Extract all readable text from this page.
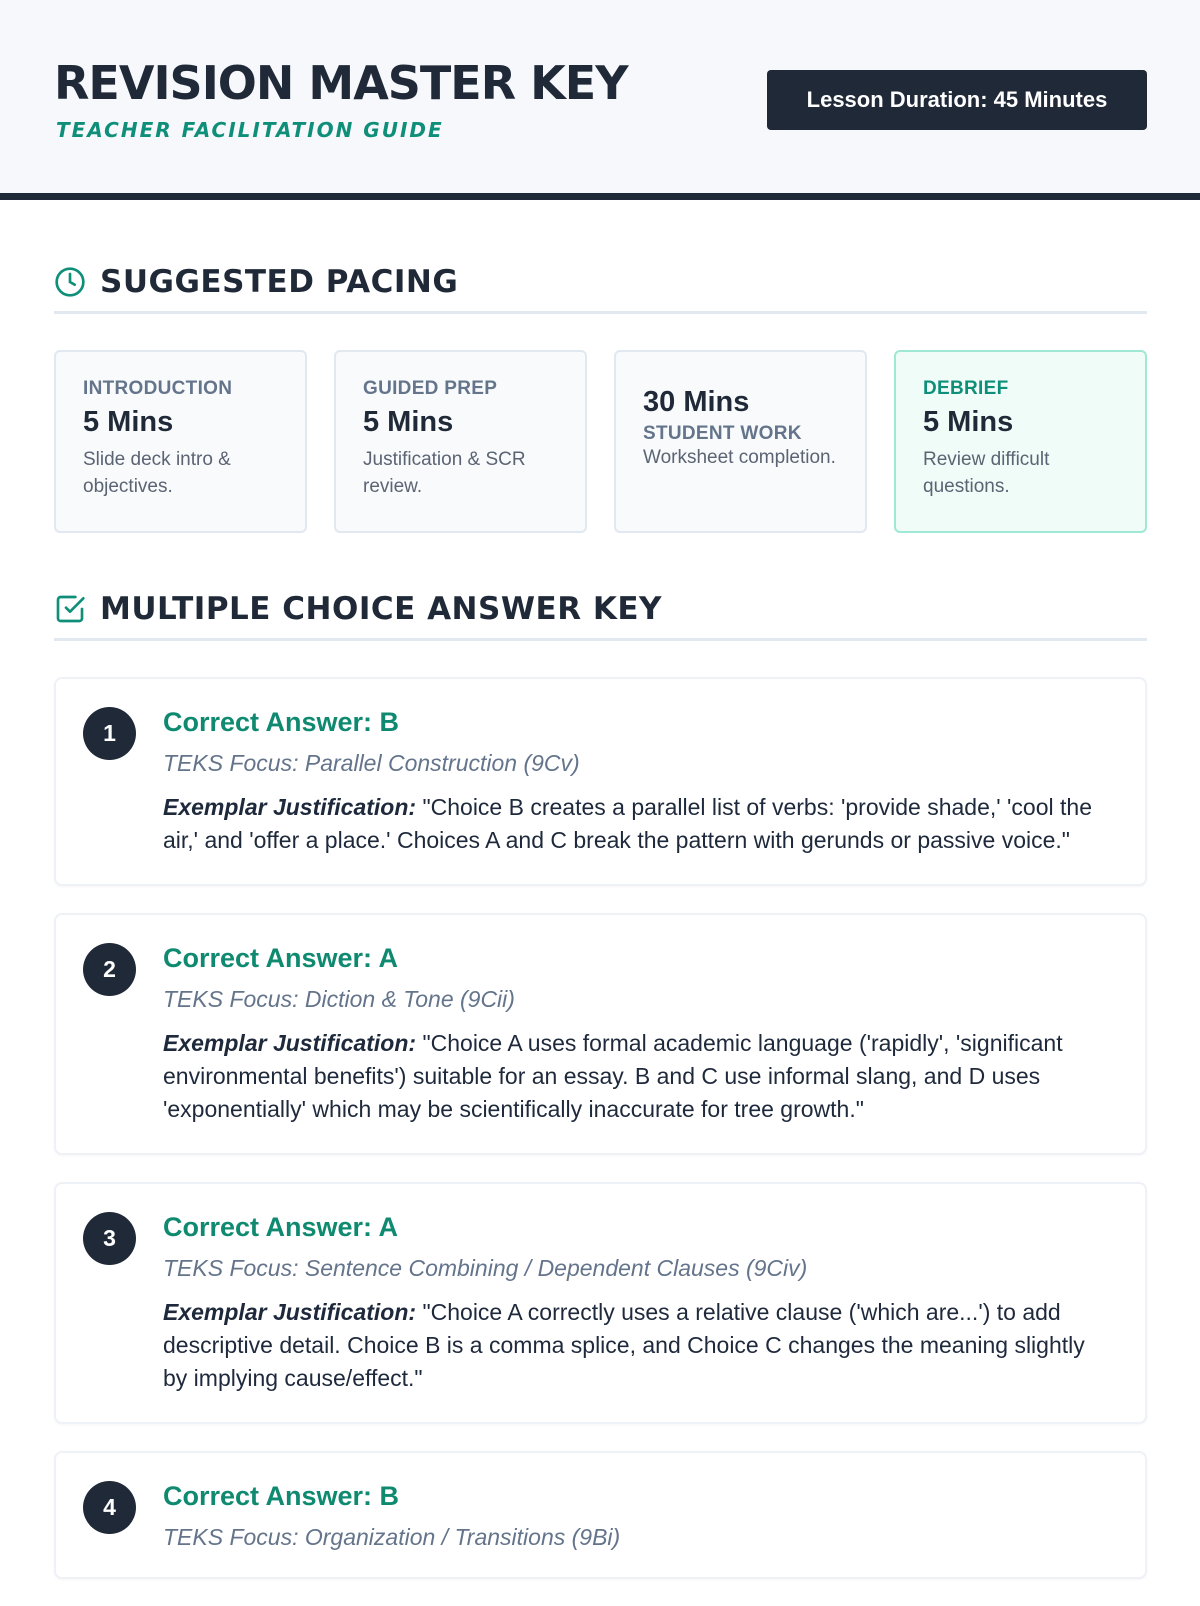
REVISION MASTER KEY
TEACHER FACILITATION GUIDE
Lesson Duration: 45 Minutes
SUGGESTED PACING
INTRODUCTION
5 Mins
Slide deck intro & objectives.
GUIDED PREP
5 Mins
Justification & SCR review.
30 Mins
STUDENT WORK
Worksheet completion.
DEBRIEF
5 Mins
Review difficult questions.
MULTIPLE CHOICE ANSWER KEY
1	Correct Answer: B
TEKS Focus: Parallel Construction (9Cv)
Exemplar Justification: "Choice B creates a parallel list of verbs: 'provide shade,' 'cool the air,' and 'offer a place.' Choices A and C break the pattern with gerunds or passive voice."
2	Correct Answer: A
TEKS Focus: Diction & Tone (9Cii)
Exemplar Justification: "Choice A uses formal academic language ('rapidly', 'significant environmental benefits') suitable for an essay. B and C use informal slang, and D uses 'exponentially' which may be scientifically inaccurate for tree growth."
3	Correct Answer: A
TEKS Focus: Sentence Combining / Dependent Clauses (9Civ)
Exemplar Justification: "Choice A correctly uses a relative clause ('which are...') to add descriptive detail. Choice B is a comma splice, and Choice C changes the meaning slightly by implying cause/effect."
4	Correct Answer: B
TEKS Focus: Organization / Transitions (9Bi)
